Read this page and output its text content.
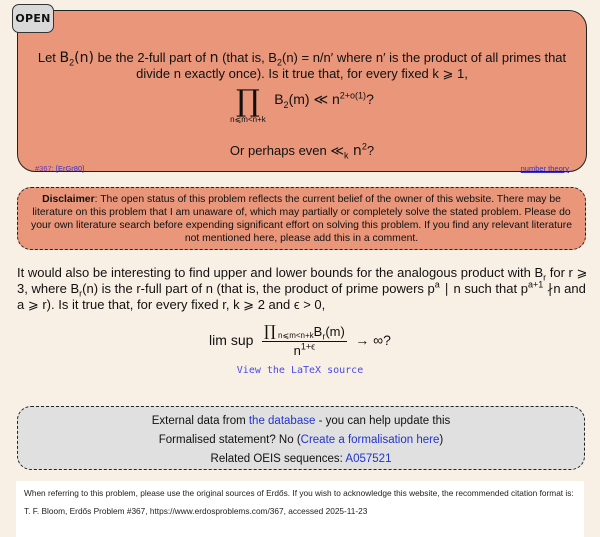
Let $B_2(n)$ be the 2-full part of n (that is, $B_2(n) = n/n'$ where n′ is the product of all primes that divide n exactly once). Is it true that, for every fixed k ⩾ 1,
∏
n⩽m<n+k
$B_2(m)$ ≪ $n^{2+o(1)}$?
Or perhaps even $≪_k$ $n^2$?
#367: [ErGr80]	number theory
OPEN
Disclaimer: The open status of this problem reflects the current belief of the owner of this website. There may be literature on this problem that I am unaware of, which may partially or completely solve the stated problem. Please do your own literature search before expending significant effort on solving this problem. If you find any relevant literature not mentioned here, please add this in a comment.
It would also be interesting to find upper and lower bounds for the analogous product with $B_r$ for r ⩾ 3, where $B_r(n)$ is the r-full part of n (that is, the product of prime powers $p^a$ ∣ n such that $p^{a+1}$ ∤n and a ⩾ r). Is it true that, for every fixed r, k ⩾ 2 and ϵ > 0,
lim sup $\frac{\prod n⩽m<n+kB_r(m)}{n^{1+\epsilon}}$ → ∞?
View the LaTeX source
External data from the database - you can help update this
Formalised statement? No (Create a formalisation here)
Related OEIS sequences: A057521

When referring to this problem, please use the original sources of Erdős. If you wish to acknowledge this website, the recommended citation format is:

T. F. Bloom, Erdős Problem #367, https://www.erdosproblems.com/367, accessed 2025-11-23
